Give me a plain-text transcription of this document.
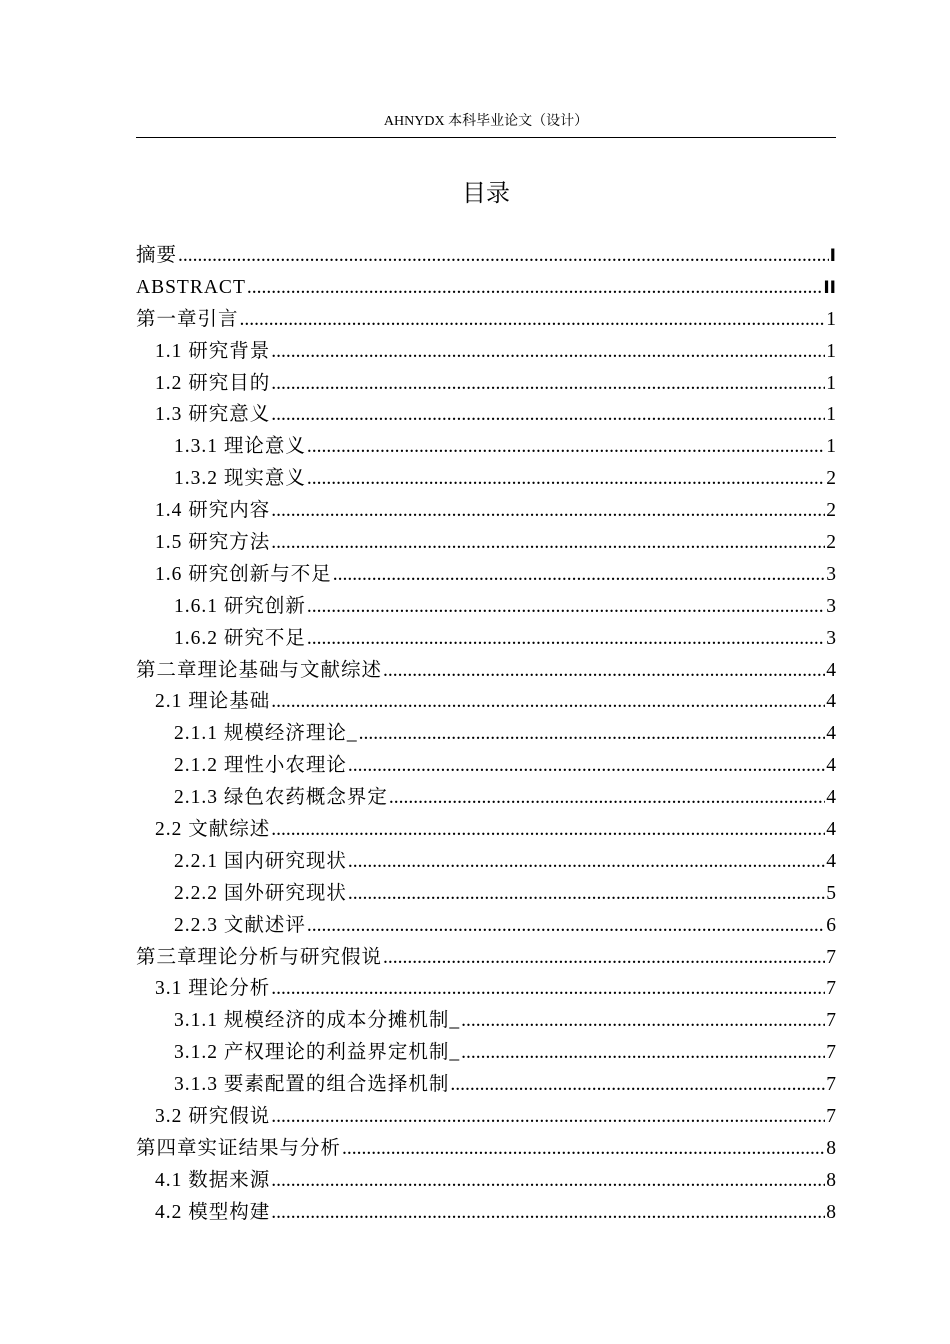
AHNYDX 本科毕业论文（设计）
目录
摘要 .....	I
ABSTRACT .....	II
第一章引言 .....	1
1.1 研究背景 .....	1
1.2 研究目的 .....	1
1.3 研究意义 .....	1
1.3.1 理论意义 .....	1
1.3.2 现实意义 .....	2
1.4 研究内容 .....	2
1.5 研究方法 .....	2
1.6 研究创新与不足 .....	3
1.6.1 研究创新 .....	3
1.6.2 研究不足 .....	3
第二章理论基础与文献综述 .....	4
2.1 理论基础 .....	4
2.1.1 规模经济理论_ .....	4
2.1.2 理性小农理论 .....	4
2.1.3 绿色农药概念界定 .....	4
2.2 文献综述 .....	4
2.2.1 国内研究现状 .....	4
2.2.2 国外研究现状 .....	5
2.2.3 文献述评 .....	6
第三章理论分析与研究假说 .....	7
3.1 理论分析 .....	7
3.1.1 规模经济的成本分摊机制_ .....	7
3.1.2 产权理论的利益界定机制_ .....	7
3.1.3 要素配置的组合选择机制 .....	7
3.2 研究假说 .....	7
第四章实证结果与分析 .....	8
4.1 数据来源 .....	8
4.2 模型构建 .....	8
